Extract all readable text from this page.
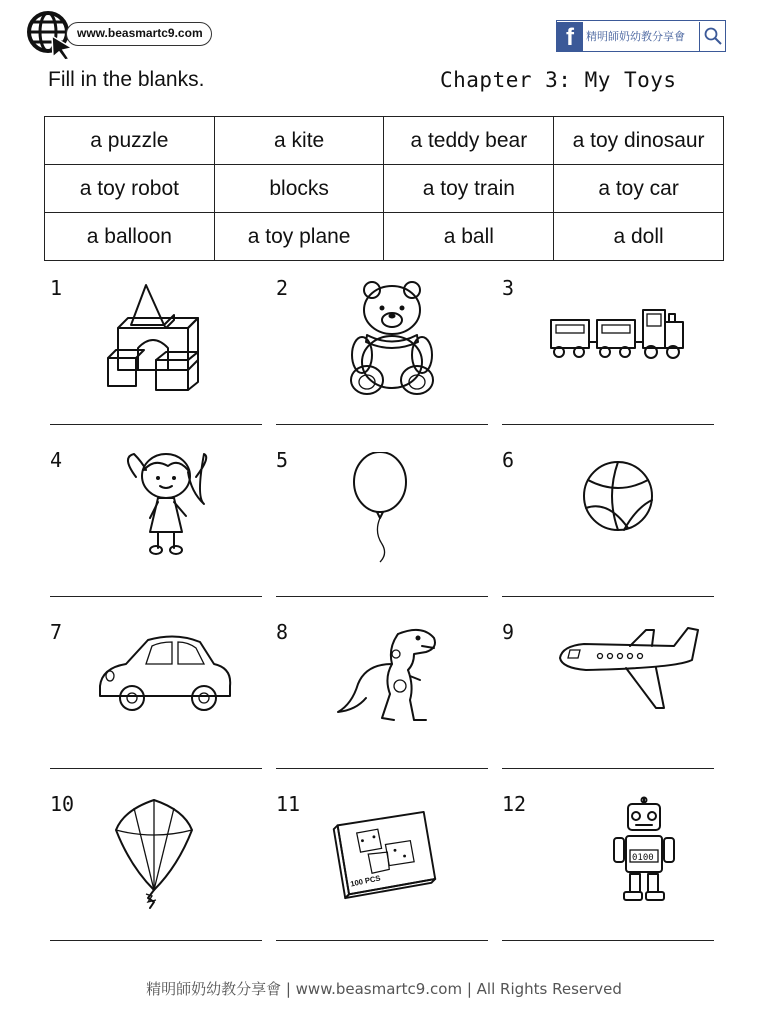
www.beasmartc9.com	f	精明師奶幼教分享會
Fill in the blanks.	Chapter 3: My Toys
a puzzle	a kite	a teddy bear	a toy dinosaur
a toy robot	blocks	a toy train	a toy car
a balloon	a toy plane	a ball	a doll
1	2	3
4	5	6
7	8	9
10	11
100 PCS
12
0100
精明師奶幼教分享會 | www.beasmartc9.com | All Rights Reserved
